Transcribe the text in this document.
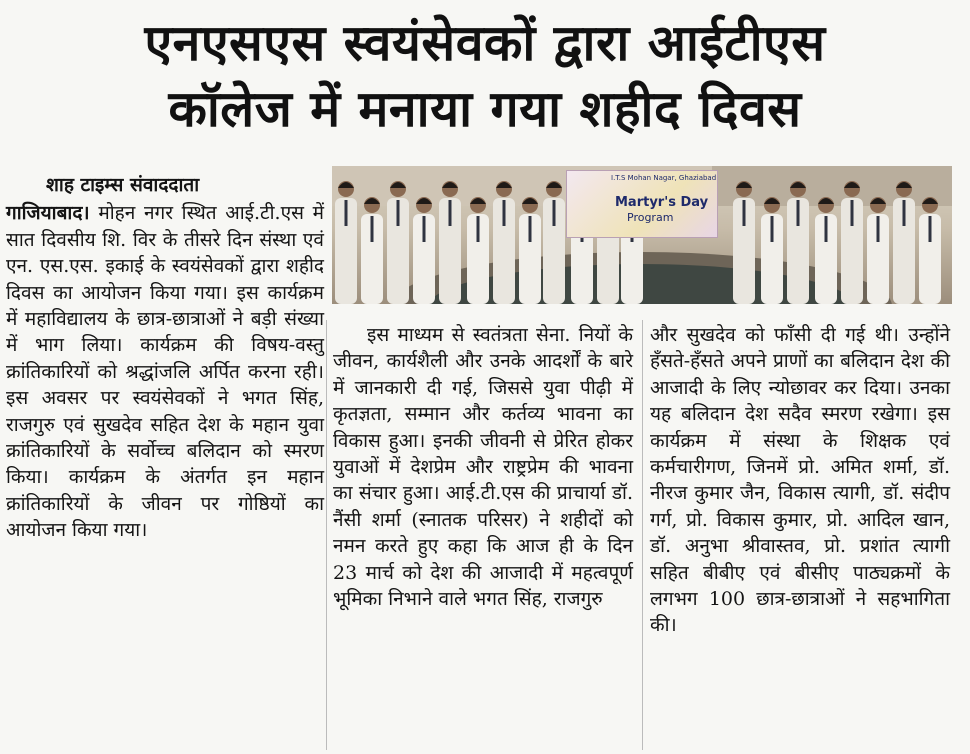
एनएसएस स्वयंसेवकों द्वारा आईटीएस
कॉलेज में मनाया गया शहीद दिवस
I.T.S Mohan Nagar, Ghaziabad
Martyr's Day
Program
शाह टाइम्स संवाददाता

गाजियाबाद। मोहन नगर स्थित आई.टी.एस में सात दिवसीय शि. विर के तीसरे दिन संस्था एवं एन. एस.एस. इकाई के स्वयंसेवकों द्वारा शहीद दिवस का आयोजन किया गया। इस कार्यक्रम में महाविद्यालय के छात्र-छात्राओं ने बड़ी संख्या में भाग लिया। कार्यक्रम की विषय-वस्तु क्रांतिकारियों को श्रद्धांजलि अर्पित करना रही। इस अवसर पर स्वयंसेवकों ने भगत सिंह, राजगुरु एवं सुखदेव सहित देश के महान युवा क्रांतिकारियों के सर्वोच्च बलिदान को स्मरण किया। कार्यक्रम के अंतर्गत इन महान क्रांतिकारियों के जीवन पर गोष्ठियों का आयोजन किया गया।

इस माध्यम से स्वतंत्रता सेना. नियों के जीवन, कार्यशैली और उनके आदर्शों के बारे में जानकारी दी गई, जिससे युवा पीढ़ी में कृतज्ञता, सम्मान और कर्तव्य भावना का विकास हुआ। इनकी जीवनी से प्रेरित होकर युवाओं में देशप्रेम और राष्ट्रप्रेम की भावना का संचार हुआ। आई.टी.एस की प्राचार्या डॉ. नैंसी शर्मा (स्नातक परिसर) ने शहीदों को नमन करते हुए कहा कि आज ही के दिन 23 मार्च को देश की आजादी में महत्वपूर्ण भूमिका निभाने वाले भगत सिंह, राजगुरु

और सुखदेव को फाँसी दी गई थी। उन्होंने हँसते-हँसते अपने प्राणों का बलिदान देश की आजादी के लिए न्योछावर कर दिया। उनका यह बलिदान देश सदैव स्मरण रखेगा। इस कार्यक्रम में संस्था के शिक्षक एवं कर्मचारीगण, जिनमें प्रो. अमित शर्मा, डॉ. नीरज कुमार जैन, विकास त्यागी, डॉ. संदीप गर्ग, प्रो. विकास कुमार, प्रो. आदिल खान, डॉ. अनुभा श्रीवास्तव, प्रो. प्रशांत त्यागी सहित बीबीए एवं बीसीए पाठ्यक्रमों के लगभग 100 छात्र-छात्राओं ने सहभागिता की।
